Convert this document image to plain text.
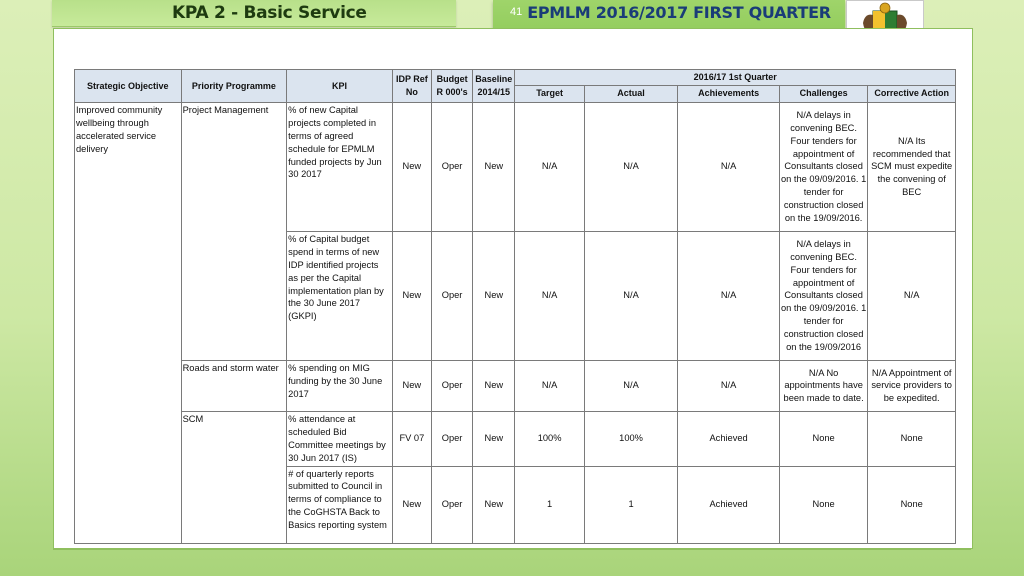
KPA 2 - Basic Service	41 EPMLM 2016/2017 FIRST QUARTER
Strategic Objective	Priority Programme	KPI	IDP Ref No	Budget R 000's	Baseline 2014/15	2016/17 1st Quarter				
						Target	Actual	Achievements	Challenges	Corrective Action
Improved community wellbeing through accelerated service delivery	Project Management	% of new Capital projects completed in terms of agreed schedule for EPMLM funded projects by Jun 30 2017	New	Oper	New	N/A	N/A	N/A	N/A delays in convening BEC. Four tenders for appointment of Consultants closed on the 09/09/2016. 1 tender for construction closed on the 19/09/2016.	N/A Its recommended that SCM must expedite the convening of BEC
		% of Capital budget spend in terms of new IDP identified projects as per the Capital implementation plan by the 30 June 2017 (GKPI)	New	Oper	New	N/A	N/A	N/A	N/A delays in convening BEC. Four tenders for appointment of Consultants closed on the 09/09/2016. 1 tender for construction closed on the 19/09/2016	N/A
	Roads and storm water	% spending on MIG funding by the 30 June 2017	New	Oper	New	N/A	N/A	N/A	N/A No appointments have been made to date.	N/A Appointment of service providers to be expedited.
	SCM	% attendance at scheduled Bid Committee meetings by 30 Jun 2017 (IS)	FV 07	Oper	New	100%	100%	Achieved	None	None
		# of quarterly reports submitted to Council in terms of compliance to the CoGHSTA Back to Basics reporting system	New	Oper	New	1	1	Achieved	None	None
